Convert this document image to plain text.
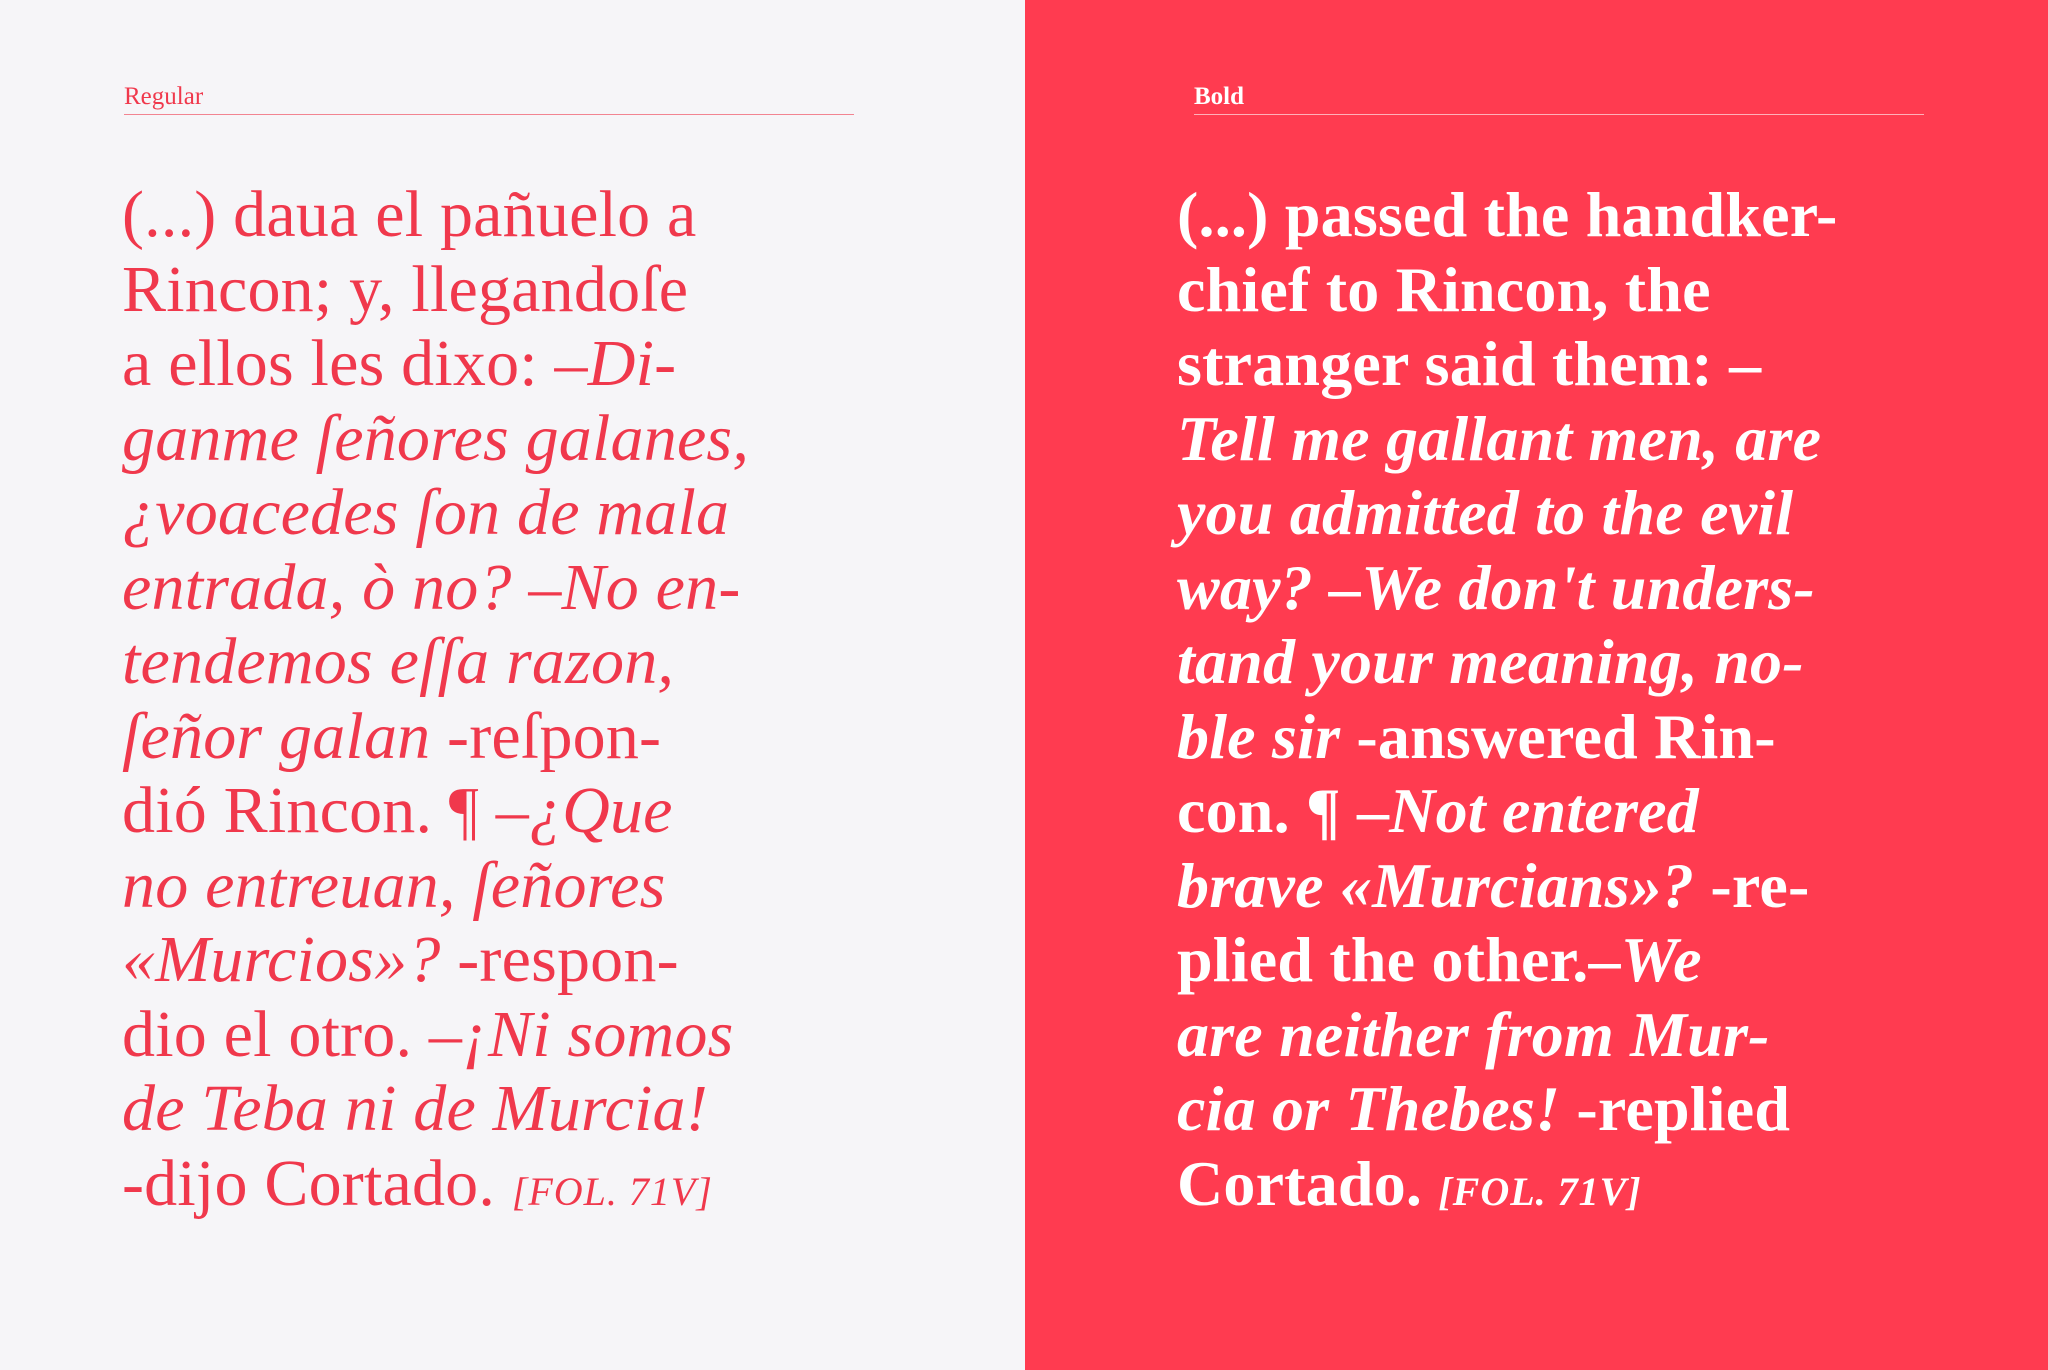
Regular
(...) daua el pañuelo a
Rincon; y, llegandoſe
a ellos les dixo: –Di-
ganme ſeñores galanes,
¿voacedes ſon de mala
entrada, ò no? –No en-
tendemos eſſa razon,
ſeñor galan -reſpon-
dió Rincon. ¶ –¿Que
no entreuan, ſeñores
«Murcios»? -respon-
dio el otro. –¡Ni somos
de Teba ni de Murcia!
-dijo Cortado. [FOL. 71V]
Bold
(...) passed the handker-
chief to Rincon, the
stranger said them: –
Tell me gallant men, are
you admitted to the evil
way? –We don't unders-
tand your meaning, no-
ble sir -answered Rin-
con. ¶ –Not entered
brave «Murcians»? -re-
plied the other.–We
are neither from Mur-
cia or Thebes! -replied
Cortado. [FOL. 71V]
